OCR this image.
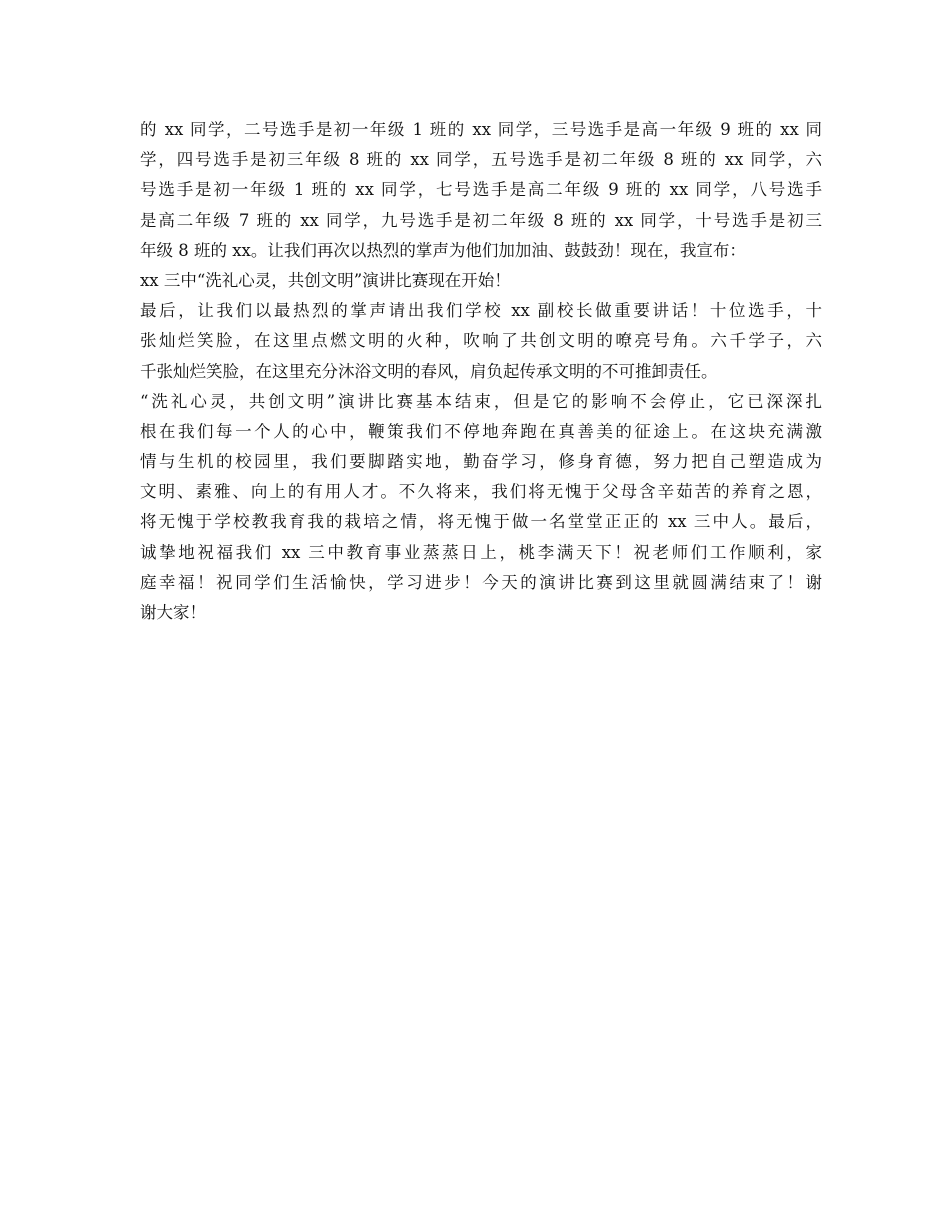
的 xx 同学，二号选手是初一年级 1 班的 xx 同学，三号选手是高一年级 9 班的 xx 同
学，四号选手是初三年级 8 班的 xx 同学，五号选手是初二年级 8 班的 xx 同学，六
号选手是初一年级 1 班的 xx 同学，七号选手是高二年级 9 班的 xx 同学，八号选手
是高二年级 7 班的 xx 同学，九号选手是初二年级 8 班的 xx 同学，十号选手是初三
年级 8 班的 xx。让我们再次以热烈的掌声为他们加加油、鼓鼓劲！现在，我宣布：
xx 三中“洗礼心灵，共创文明”演讲比赛现在开始！
最后，让我们以最热烈的掌声请出我们学校 xx 副校长做重要讲话！十位选手，十
张灿烂笑脸，在这里点燃文明的火种，吹响了共创文明的嘹亮号角。六千学子，六
千张灿烂笑脸，在这里充分沐浴文明的春风，肩负起传承文明的不可推卸责任。
“洗礼心灵，共创文明”演讲比赛基本结束，但是它的影响不会停止，它已深深扎
根在我们每一个人的心中，鞭策我们不停地奔跑在真善美的征途上。在这块充满激
情与生机的校园里，我们要脚踏实地，勤奋学习，修身育德，努力把自己塑造成为
文明、素雅、向上的有用人才。不久将来，我们将无愧于父母含辛茹苦的养育之恩，
将无愧于学校教我育我的栽培之情，将无愧于做一名堂堂正正的 xx 三中人。最后，
诚挚地祝福我们 xx 三中教育事业蒸蒸日上，桃李满天下！祝老师们工作顺利，家
庭幸福！祝同学们生活愉快，学习进步！今天的演讲比赛到这里就圆满结束了！谢
谢大家！
